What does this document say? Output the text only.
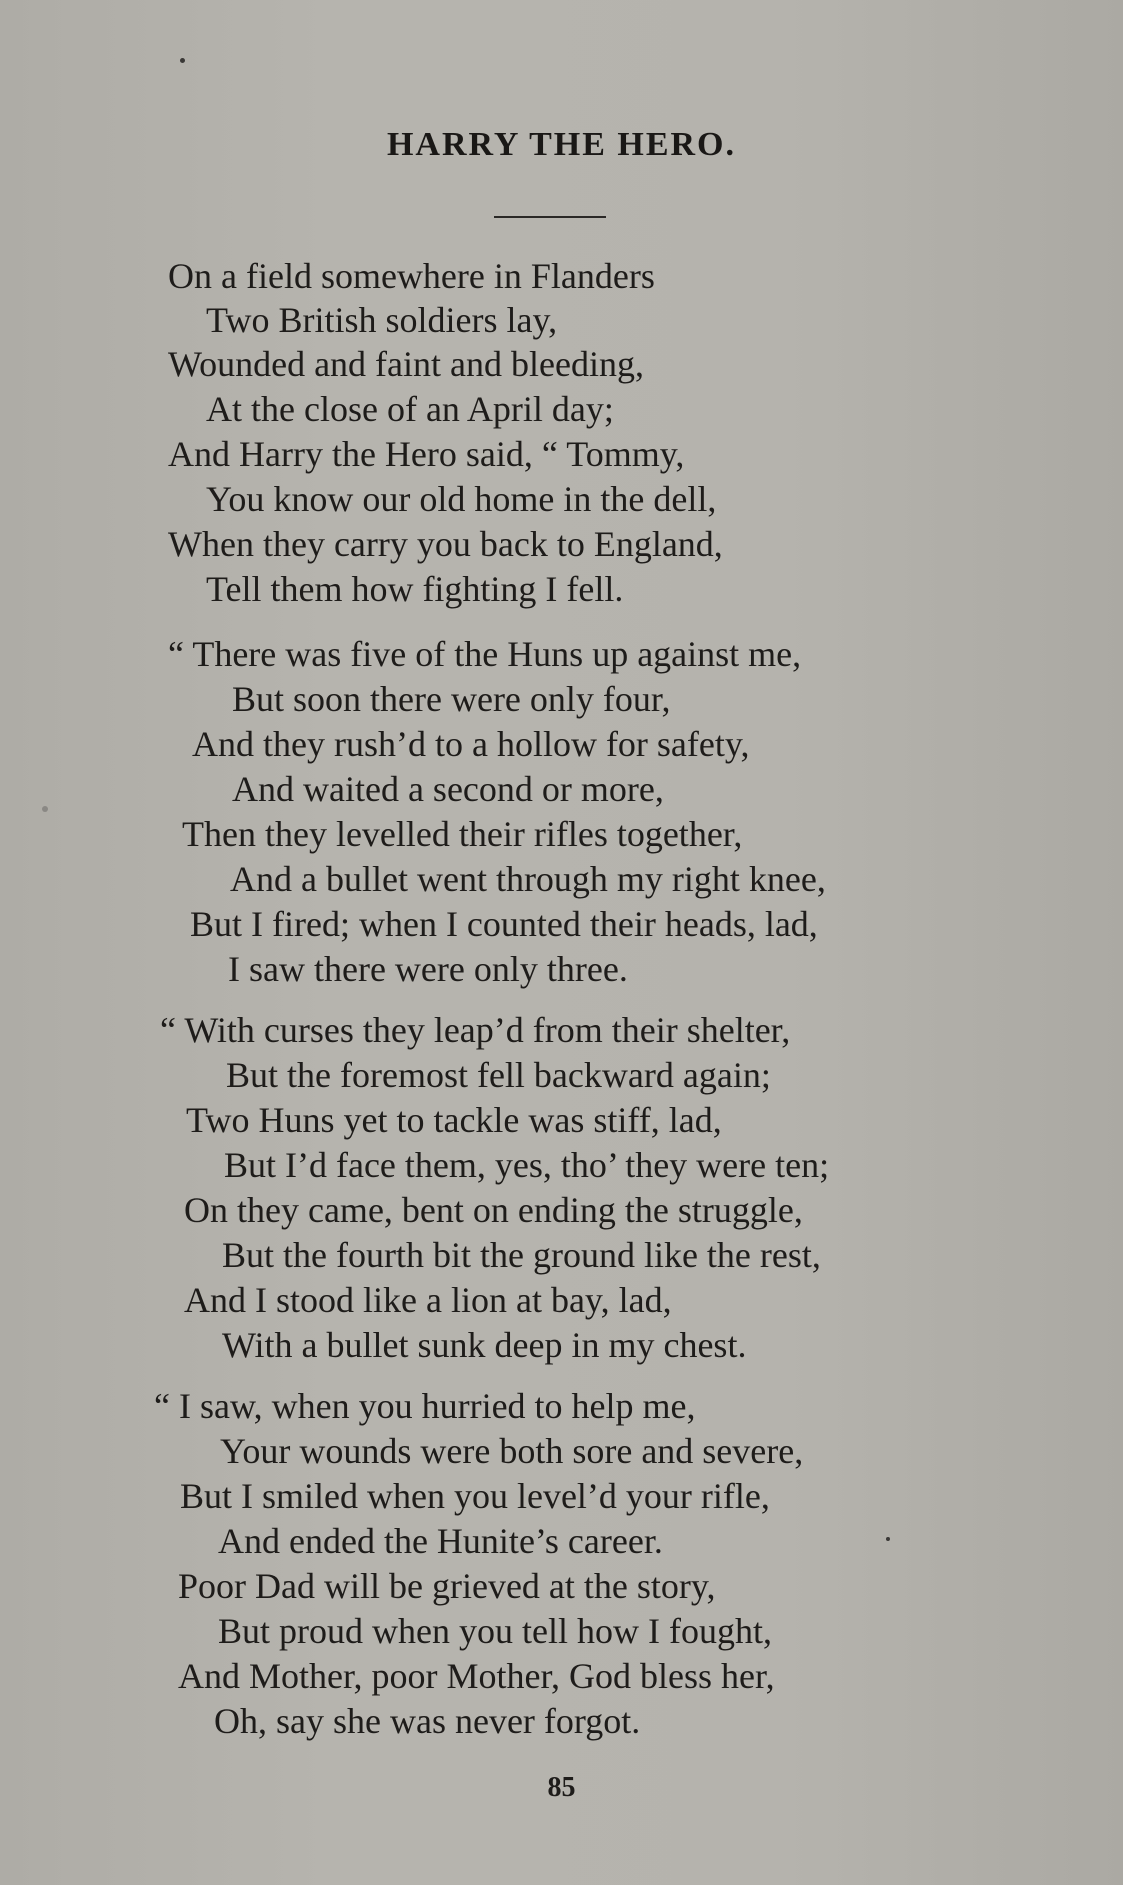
HARRY THE HERO.
On a field somewhere in Flanders
Two British soldiers lay,
Wounded and faint and bleeding,
At the close of an April day;
And Harry the Hero said, “ Tommy,
You know our old home in the dell,
When they carry you back to England,
Tell them how fighting I fell.
“ There was five of the Huns up against me,
But soon there were only four,
And they rush’d to a hollow for safety,
And waited a second or more,
Then they levelled their rifles together,
And a bullet went through my right knee,
But I fired; when I counted their heads, lad,
I saw there were only three.
“ With curses they leap’d from their shelter,
But the foremost fell backward again;
Two Huns yet to tackle was stiff, lad,
But I’d face them, yes, tho’ they were ten;
On they came, bent on ending the struggle,
But the fourth bit the ground like the rest,
And I stood like a lion at bay, lad,
With a bullet sunk deep in my chest.
“ I saw, when you hurried to help me,
Your wounds were both sore and severe,
But I smiled when you level’d your rifle,
And ended the Hunite’s career.
Poor Dad will be grieved at the story,
But proud when you tell how I fought,
And Mother, poor Mother, God bless her,
Oh, say she was never forgot.
85
